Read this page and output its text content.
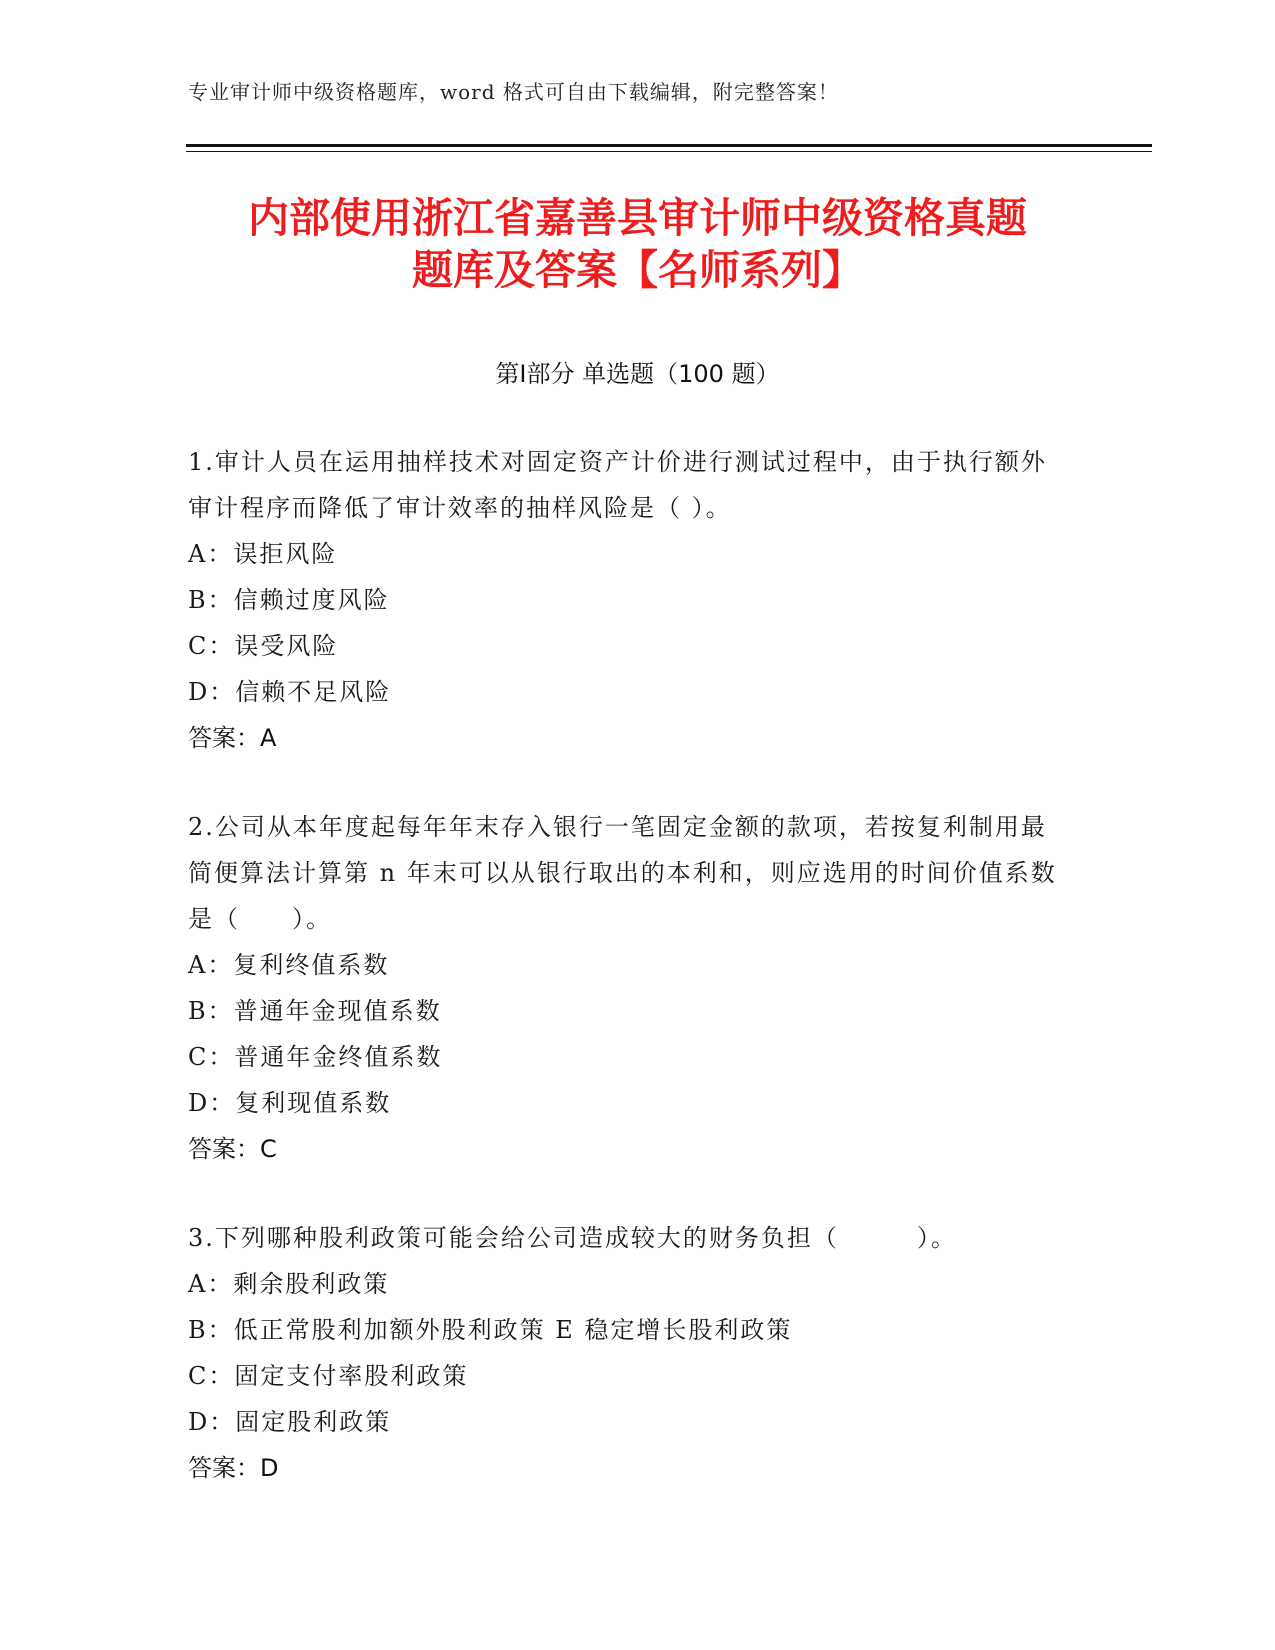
专业审计师中级资格题库，word 格式可自由下载编辑，附完整答案！
内部使用浙江省嘉善县审计师中级资格真题
题库及答案【名师系列】
第Ⅰ部分 单选题（100 题）

1.审计人员在运用抽样技术对固定资产计价进行测试过程中，由于执行额外审计程序而降低了审计效率的抽样风险是（ ）。

A：误拒风险

B：信赖过度风险

C：误受风险

D：信赖不足风险

答案：A

2.公司从本年度起每年年末存入银行一笔固定金额的款项，若按复利制用最简便算法计算第 n 年末可以从银行取出的本利和，则应选用的时间价值系数是（　　）。

A：复利终值系数

B：普通年金现值系数

C：普通年金终值系数

D：复利现值系数

答案：C

3.下列哪种股利政策可能会给公司造成较大的财务负担（　　　）。

A：剩余股利政策

B：低正常股利加额外股利政策 E 稳定增长股利政策

C：固定支付率股利政策

D：固定股利政策

答案：D
